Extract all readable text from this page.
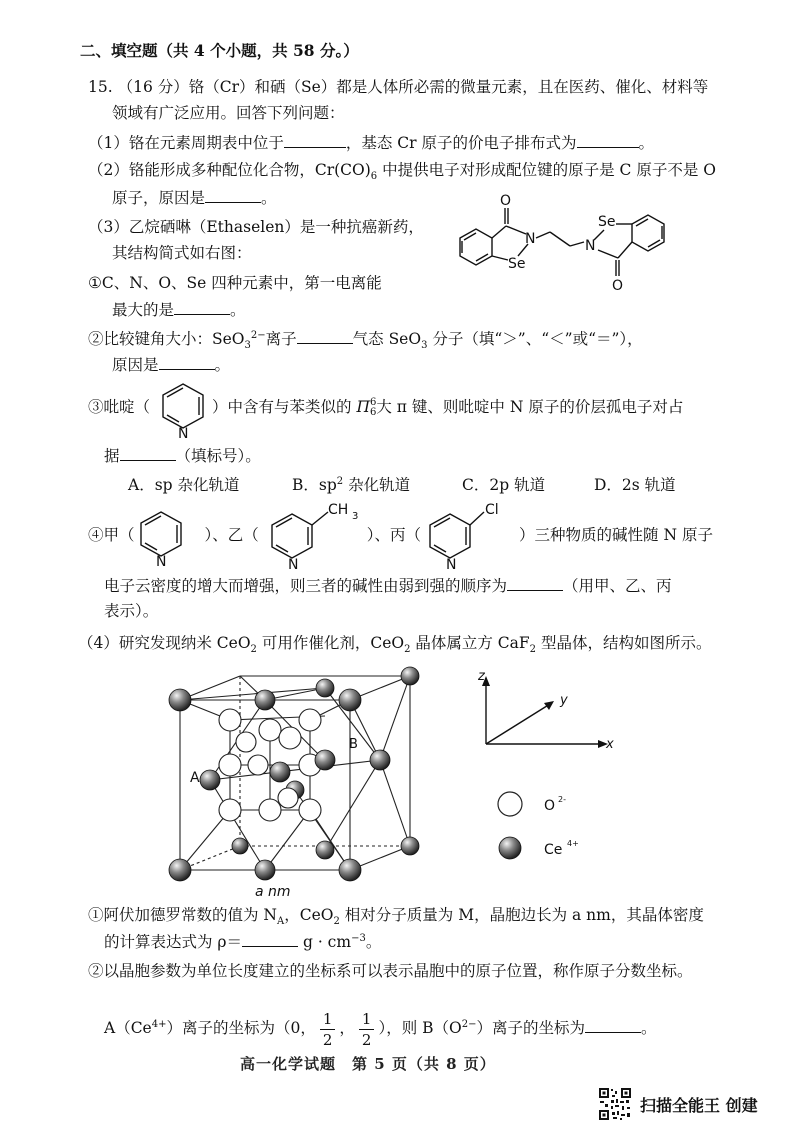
二、填空题（共 4 个小题，共 58 分。）
15. （16 分）铬（Cr）和硒（Se）都是人体所必需的微量元素，且在医药、催化、材料等
领域有广泛应用。回答下列问题：
（1）铬在元素周期表中位于	，基态 Cr 原子的价电子排布式为	。
（2）铬能形成多种配位化合物，$Cr(CO)_6$ 中提供电子对形成配位键的原子是 C 原子不是 O
原子，原因是	。
（3）乙烷硒啉（Ethaselen）是一种抗癌新药，
其结构简式如右图：
O
N
Se
Se
N
O
①C、N、O、Se 四种元素中，第一电离能
最大的是	。
②比较键角大小：SeO$_3^{2-}$离子	气态 SeO$_3$ 分子（填“＞”、“＜”或“＝”），
原因是	。
③吡啶（	）中含有与苯类似的 Π 6
6 大 π 键、则吡啶中 N 原子的价层孤电子对占
N
据	（填标号）。
A．sp 杂化轨道	B．$sp^2$ 杂化轨道	C．2p 轨道	D．2s 轨道
④甲（	）、乙（	）、丙（	）三种物质的碱性随 N 原子
N	N
CH 3
N
Cl
电子云密度的增大而增强，则三者的碱性由弱到强的顺序为	（用甲、乙、丙
表示）。
（4）研究发现纳米 CeO$_2$ 可用作催化剂，CeO$_2$ 晶体属立方 CaF$_2$ 型晶体，结构如图所示。
A
B
a nm
z
y
x
O 2-
Ce 4+
①阿伏加德罗常数的值为 $N_A$，CeO$_2$ 相对分子质量为 M，晶胞边长为 a nm，其晶体密度
的计算表达式为 ρ＝	$g \cdot cm^{-3}$。
②以晶胞参数为单位长度建立的坐标系可以表示晶胞中的原子位置，称作原子分数坐标。
$A(Ce^{4+})$离子的坐标为（0， $\frac{1}{2}$ ， $\frac{1}{2}$ ），则 $B(O^{2-})$离子的坐标为	。
高一化学试题　第 5 页（共 8 页）
扫描全能王 创建
